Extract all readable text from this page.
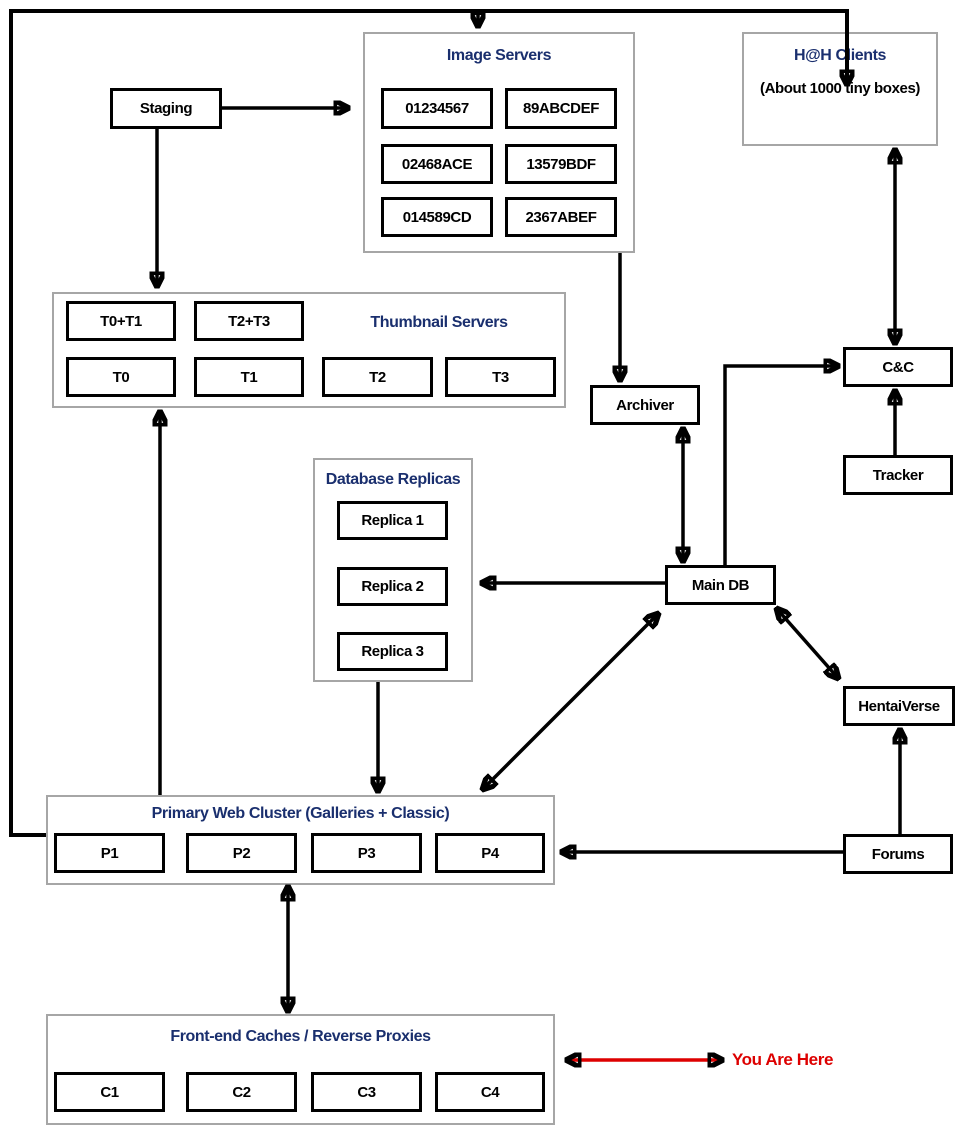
Image Servers	H@H Clients
(About 1000 tiny boxes)
Thumbnail Servers
Database Replicas
Primary Web Cluster (Galleries + Classic)
Front-end Caches / Reverse Proxies
Staging
Archiver
C&C
Tracker
Main DB
HentaiVerse
Forums
01234567	89ABCDEF
02468ACE	13579BDF
014589CD	2367ABEF
T0+T1	T2+T3
T0	T1	T2	T3
Replica 1
Replica 2
Replica 3
P1	P2	P3	P4
C1	C2	C3	C4
You Are Here
